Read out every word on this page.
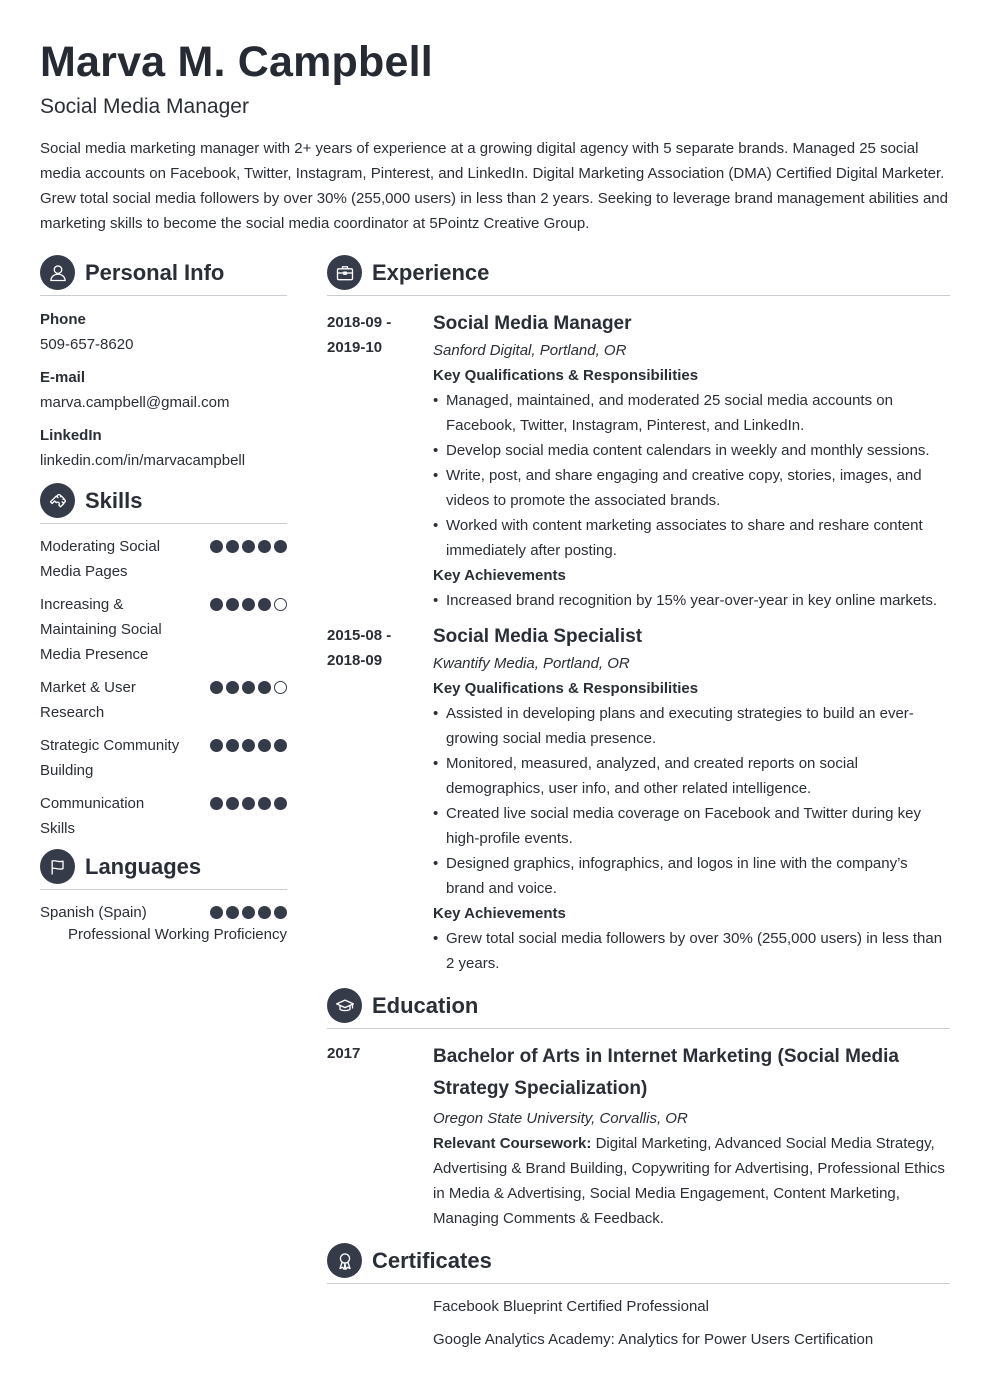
Marva M. Campbell
Social Media Manager
Social media marketing manager with 2+ years of experience at a growing digital agency with 5 separate brands. Managed 25 social media accounts on Facebook, Twitter, Instagram, Pinterest, and LinkedIn. Digital Marketing Association (DMA) Certified Digital Marketer. Grew total social media followers by over 30% (255,000 users) in less than 2 years. Seeking to leverage brand management abilities and marketing skills to become the social media coordinator at 5Pointz Creative Group.
Personal Info
Phone
509-657-8620
E-mail
marva.campbell@gmail.com
LinkedIn
linkedin.com/in/marvacampbell
Skills
Moderating Social Media Pages
Increasing & Maintaining Social Media Presence
Market & User Research
Strategic Community Building
Communication Skills
Languages
Spanish (Spain)
Professional Working Proficiency
Experience
2018-09 -
2019-10
Social Media Manager
Sanford Digital, Portland, OR
Key Qualifications & Responsibilities
• Managed, maintained, and moderated 25 social media accounts on Facebook, Twitter, Instagram, Pinterest, and LinkedIn.
• Develop social media content calendars in weekly and monthly sessions.
• Write, post, and share engaging and creative copy, stories, images, and videos to promote the associated brands.
• Worked with content marketing associates to share and reshare content immediately after posting.
Key Achievements
• Increased brand recognition by 15% year-over-year in key online markets.
2015-08 -
2018-09
Social Media Specialist
Kwantify Media, Portland, OR
Key Qualifications & Responsibilities
• Assisted in developing plans and executing strategies to build an ever-growing social media presence.
• Monitored, measured, analyzed, and created reports on social demographics, user info, and other related intelligence.
• Created live social media coverage on Facebook and Twitter during key high-profile events.
• Designed graphics, infographics, and logos in line with the company’s brand and voice.
Key Achievements
• Grew total social media followers by over 30% (255,000 users) in less than 2 years.
Education
2017	Bachelor of Arts in Internet Marketing (Social Media Strategy Specialization)
Oregon State University, Corvallis, OR
Relevant Coursework: Digital Marketing, Advanced Social Media Strategy, Advertising & Brand Building, Copywriting for Advertising, Professional Ethics in Media & Advertising, Social Media Engagement, Content Marketing, Managing Comments & Feedback.
Certificates
Facebook Blueprint Certified Professional
Google Analytics Academy: Analytics for Power Users Certification
